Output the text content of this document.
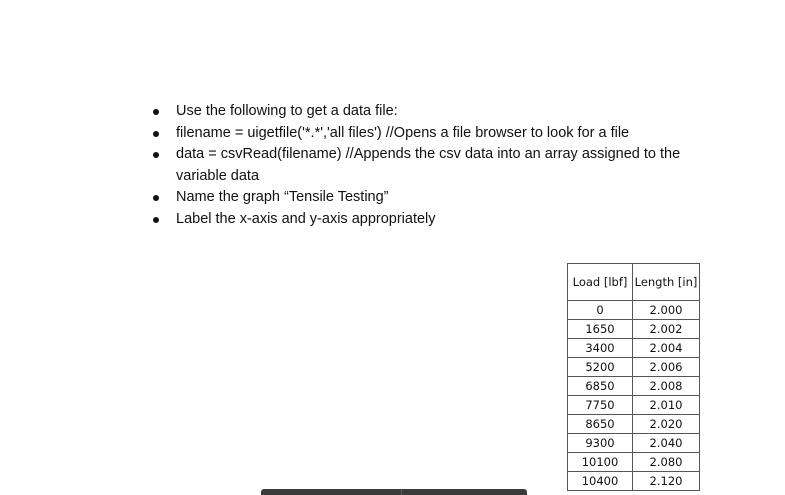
Use the following to get a data file:
filename = uigetfile('*.*','all files') //Opens a file browser to look for a file
data = csvRead(filename) //Appends the csv data into an array assigned to the variable data
Name the graph “Tensile Testing”
Label the x-axis and y-axis appropriately
Load [lbf]	Length [in]
0	2.000
1650	2.002
3400	2.004
5200	2.006
6850	2.008
7750	2.010
8650	2.020
9300	2.040
10100	2.080
10400	2.120
